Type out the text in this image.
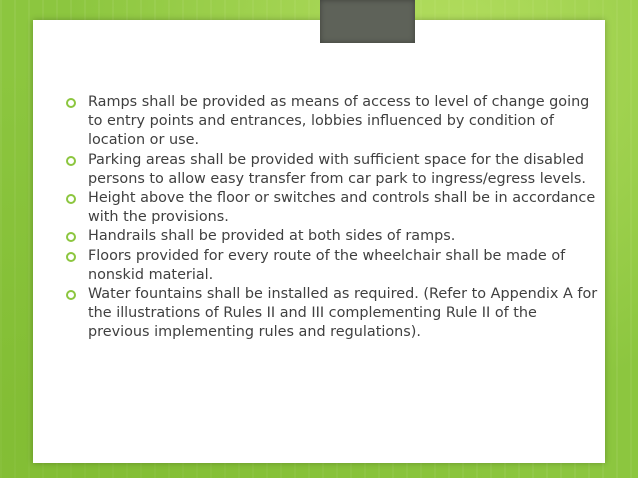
Ramps shall be provided as means of access to level of change going to entry points and entrances, lobbies influenced by condition of location or use.
Parking areas shall be provided with sufficient space for the disabled persons to allow easy transfer from car park to ingress/egress levels.
Height above the floor or switches and controls shall be in accordance with the provisions.
Handrails shall be provided at both sides of ramps.
Floors provided for every route of the wheelchair shall be made of nonskid material.
Water fountains shall be installed as required. (Refer to Appendix A for the illustrations of Rules II and III complementing Rule II of the previous implementing rules and regulations).
